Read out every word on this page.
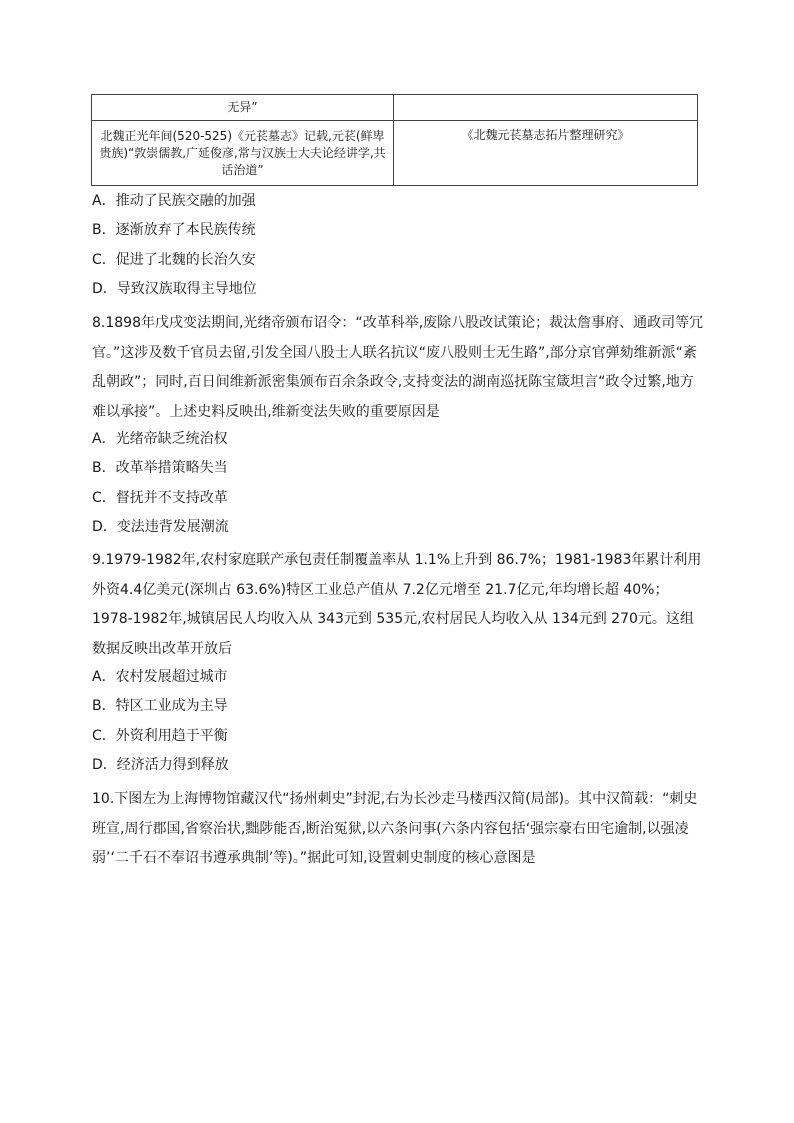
无异”	
北魏正光年间(520-525)《元苌墓志》记载,元苌(鲜卑贵族)“敦崇儒教,广延俊彦,常与汉族士大夫论经讲学,共话治道”	《北魏元苌墓志拓片整理研究》
A．推动了民族交融的加强
B．逐渐放弃了本民族传统
C．促进了北魏的长治久安
D．导致汉族取得主导地位
8.1898年戊戌变法期间,光绪帝颁布诏令：“改革科举,废除八股改试策论；裁汰詹事府、通政司等冗官。”这涉及数千官员去留,引发全国八股士人联名抗议“废八股则士无生路”,部分京官弹劾维新派“紊乱朝政”；同时,百日间维新派密集颁布百余条政令,支持变法的湖南巡抚陈宝箴坦言“政令过繁,地方难以承接”。上述史料反映出,维新变法失败的重要原因是
A．光绪帝缺乏统治权
B．改革举措策略失当
C．督抚并不支持改革
D．变法违背发展潮流
9.1979-1982年,农村家庭联产承包责任制覆盖率从 1.1%上升到 86.7%；1981-1983年累计利用外资4.4亿美元(深圳占 63.6%)特区工业总产值从 7.2亿元增至 21.7亿元,年均增长超 40%；1978-1982年,城镇居民人均收入从 343元到 535元,农村居民人均收入从 134元到 270元。这组数据反映出改革开放后
A．农村发展超过城市
B．特区工业成为主导
C．外资利用趋于平衡
D．经济活力得到释放
10.下图左为上海博物馆藏汉代“扬州刺史”封泥,右为长沙走马楼西汉简(局部)。其中汉简载：“刺史班宣,周行郡国,省察治状,黜陟能否,断治冤狱,以六条问事(六条内容包括‘强宗豪右田宅逾制,以强凌弱’‘二千石不奉诏书遵承典制’等)。”据此可知,设置刺史制度的核心意图是
